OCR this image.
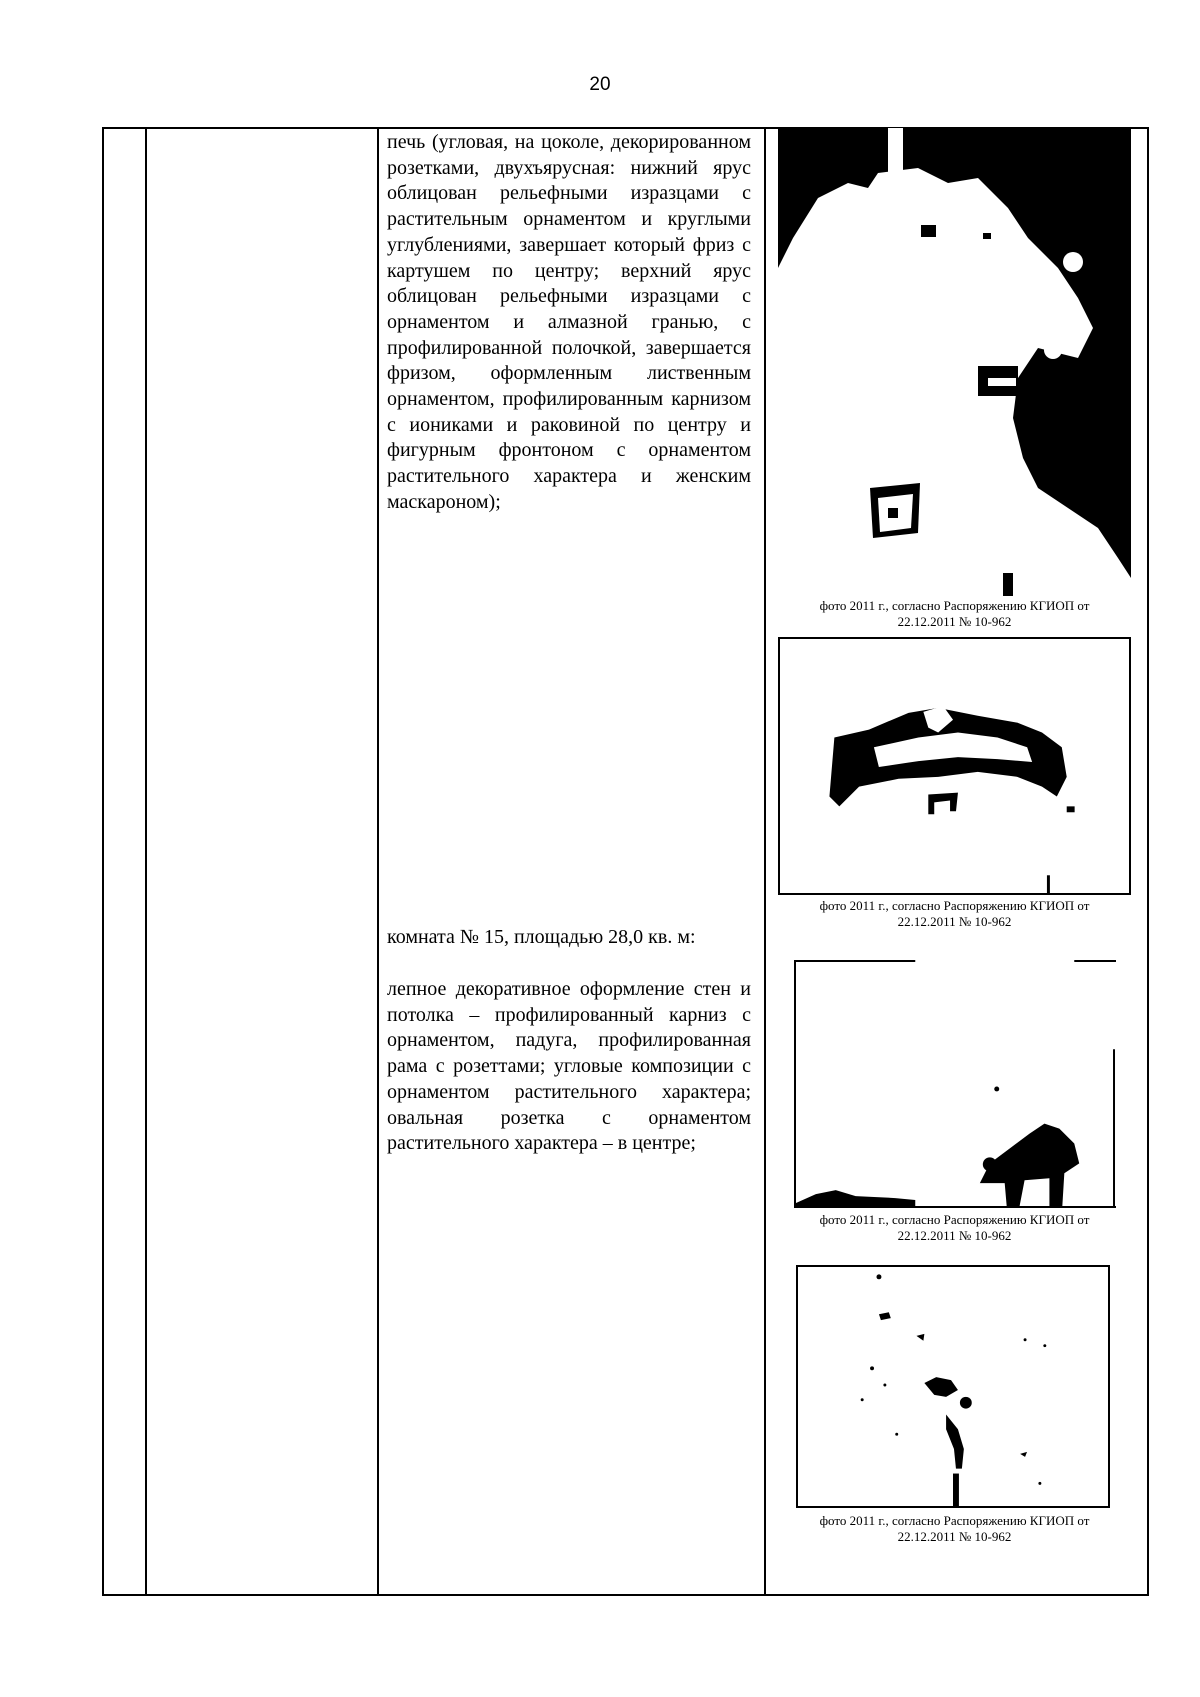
20
печь (угловая, на цоколе, декорированном розетками, двухъярусная: нижний ярус облицован рельефными изразцами с растительным орнаментом и круглыми углублениями, завершает который фриз с картушем по центру; верхний ярус облицован рельефными изразцами с орнаментом и алмазной гранью, с профилированной полочкой, завершается фризом, оформленным лиственным орнаментом, профилированным карнизом с иониками и раковиной по центру и фигурным фронтоном с орнаментом растительного характера и женским маскароном);
комната № 15, площадью 28,0 кв. м:
лепное декоративное оформление стен и потолка – профилированный карниз с орнаментом, падуга, профилированная рама с розеттами; угловые композиции с орнаментом растительного характера; овальная розетка с орнаментом растительного характера – в центре;
фото 2011 г., согласно Распоряжению КГИОП от
22.12.2011 № 10-962
фото 2011 г., согласно Распоряжению КГИОП от
22.12.2011 № 10-962
фото 2011 г., согласно Распоряжению КГИОП от
22.12.2011 № 10-962
фото 2011 г., согласно Распоряжению КГИОП от
22.12.2011 № 10-962
